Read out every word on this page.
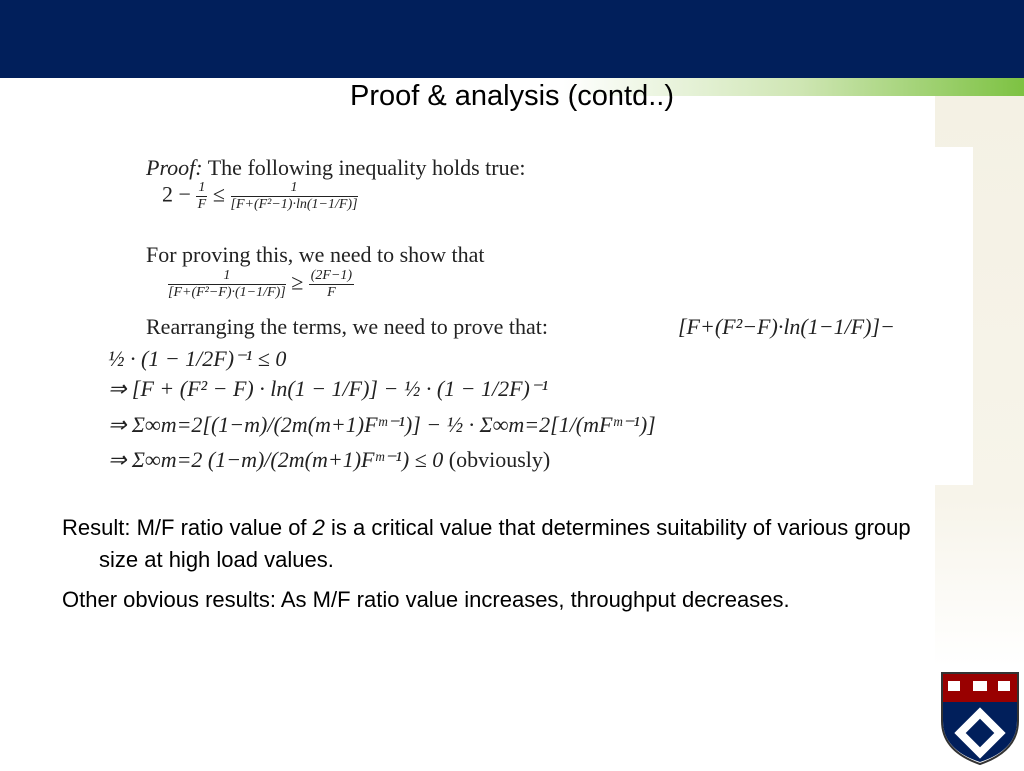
Proof & analysis (contd..)
Proof: The following inequality holds true:
$2 - \frac{1}{F} \le \frac{1}{\text{[F+(F²−1)·ln(1−1/F)]}}$
For proving this, we need to show that
$\frac{1}{\text{[F+(F²−F)·(1−1/F)]}} \ge \frac{(2F-1)}{F}$
Rearranging the terms, we need to prove that:	[F+(F²−F)·ln(1−1/F)]−
½ · (1 − 1/2F)⁻¹ ≤ 0
⇒ [F + (F² − F) · ln(1 − 1/F)] − ½ · (1 − 1/2F)⁻¹
⇒ Σ∞m=2[(1−m)/(2m(m+1)Fᵐ⁻¹)] − ½ · Σ∞m=2[1/(mFᵐ⁻¹)]
⇒ Σ∞m=2 (1−m)/(2m(m+1)Fᵐ⁻¹) ≤ 0 (obviously)
Result: M/F ratio value of 2 is a critical value that determines suitability of various group size at high load values.
Other obvious results: As M/F ratio value increases, throughput decreases.
